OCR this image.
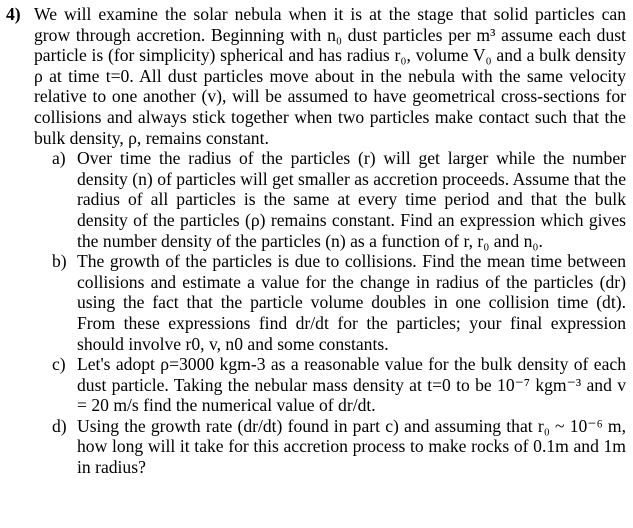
4) We will examine the solar nebula when it is at the stage that solid particles can grow through accretion. Beginning with n₀ dust particles per m³ assume each dust particle is (for simplicity) spherical and has radius r₀, volume V₀ and a bulk density ρ at time t=0. All dust particles move about in the nebula with the same velocity relative to one another (v), will be assumed to have geometrical cross-sections for collisions and always stick together when two particles make contact such that the bulk density, ρ, remains constant.
a) Over time the radius of the particles (r) will get larger while the number density (n) of particles will get smaller as accretion proceeds. Assume that the radius of all particles is the same at every time period and that the bulk density of the particles (ρ) remains constant. Find an expression which gives the number density of the particles (n) as a function of r, r₀ and n₀.
b) The growth of the particles is due to collisions. Find the mean time between collisions and estimate a value for the change in radius of the particles (dr) using the fact that the particle volume doubles in one collision time (dt). From these expressions find dr/dt for the particles; your final expression should involve r0, v, n0 and some constants.
c) Let's adopt ρ=3000 kgm-3 as a reasonable value for the bulk density of each dust particle. Taking the nebular mass density at t=0 to be 10⁻⁷ kgm⁻³ and v = 20 m/s find the numerical value of dr/dt.
d) Using the growth rate (dr/dt) found in part c) and assuming that r₀ ~ 10⁻⁶ m, how long will it take for this accretion process to make rocks of 0.1m and 1m in radius?
